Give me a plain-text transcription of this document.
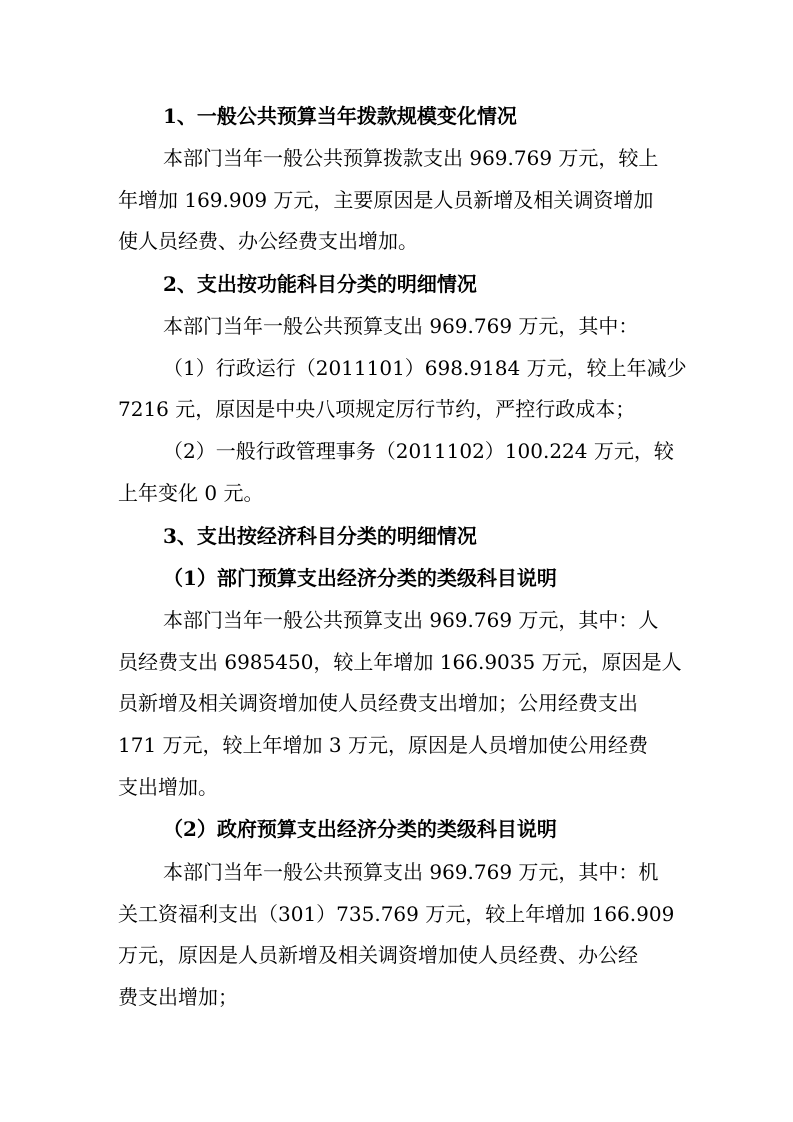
1、一般公共预算当年拨款规模变化情况
本部门当年一般公共预算拨款支出 969.769 万元，较上
年增加 169.909 万元，主要原因是人员新增及相关调资增加
使人员经费、办公经费支出增加。
2、支出按功能科目分类的明细情况
本部门当年一般公共预算支出 969.769 万元，其中：
（1）行政运行（2011101）698.9184 万元，较上年减少
7216 元，原因是中央八项规定厉行节约，严控行政成本；
（2）一般行政管理事务（2011102）100.224 万元，较
上年变化 0 元。
3、支出按经济科目分类的明细情况
（1）部门预算支出经济分类的类级科目说明
本部门当年一般公共预算支出 969.769 万元，其中：人
员经费支出 6985450，较上年增加 166.9035 万元，原因是人
员新增及相关调资增加使人员经费支出增加；公用经费支出
171 万元，较上年增加 3 万元，原因是人员增加使公用经费
支出增加。
（2）政府预算支出经济分类的类级科目说明
本部门当年一般公共预算支出 969.769 万元，其中：机
关工资福利支出（301）735.769 万元，较上年增加 166.909
万元，原因是人员新增及相关调资增加使人员经费、办公经
费支出增加；
